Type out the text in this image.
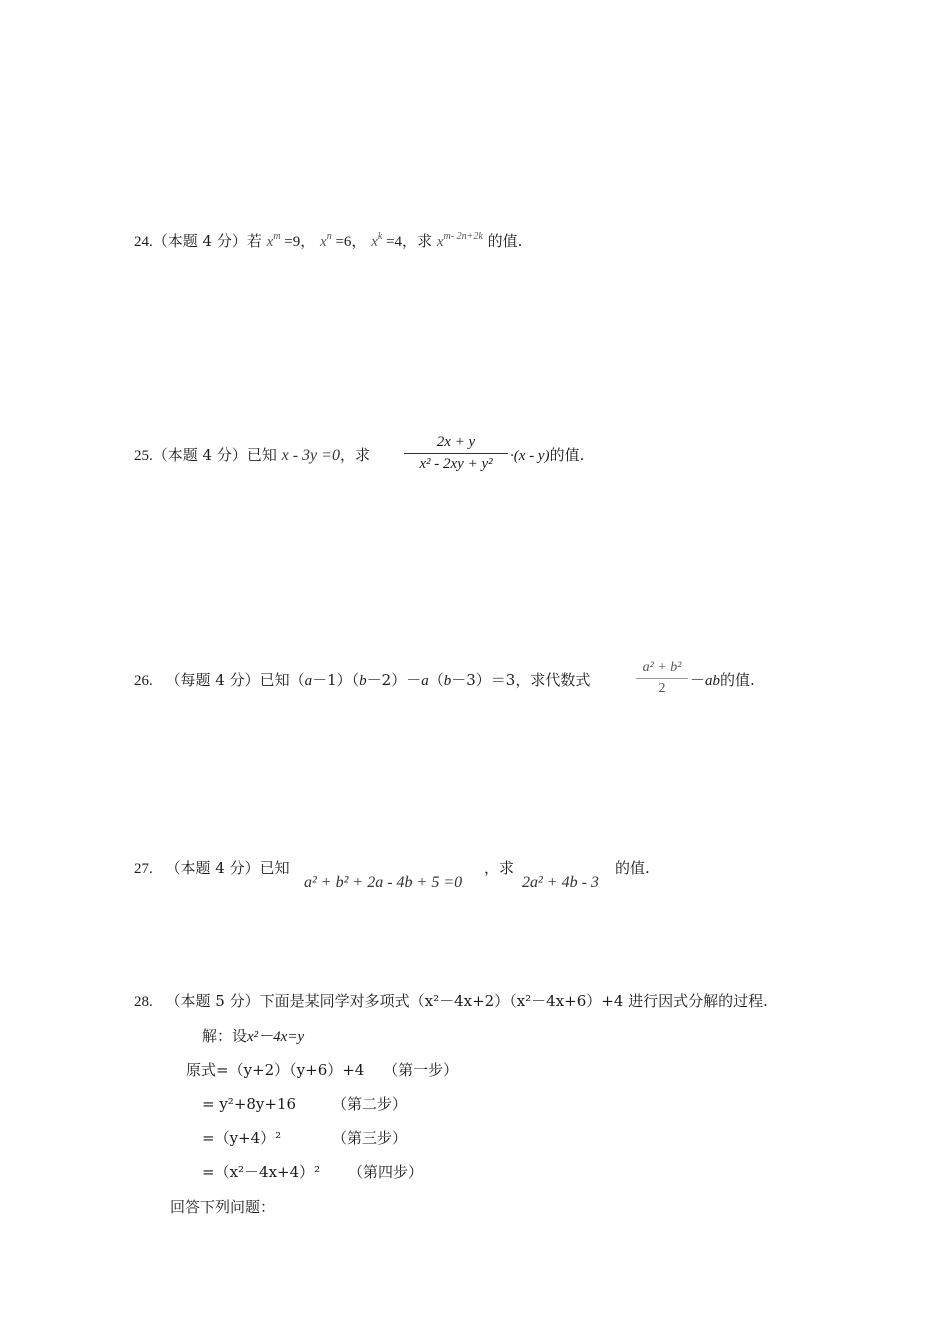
24.（本题 4 分）若 $x^m =9$， $x^n =6$， $x^k =4$，求 $x^{m- 2n+2k}$ 的值.
25.（本题 4 分）已知 x - 3y =0，求
2x + y
x² - 2xy + y²	·(x - y)的值.
26. （每题 4 分）已知（a－1）（b－2）－a（b－3）＝3，求代数式
a² + b²
2	－ab的值.
27. （本题 4 分）已知
a² + b² + 2a - 4b + 5 =0
，求
2a² + 4b - 3
的值.
28. （本题 5 分）下面是某同学对多项式（x²－4x+2）（x²－4x+6）+4 进行因式分解的过程.
解：设x²－4x=y
原式=（y+2）（y+6）+4 （第一步）
= y²+8y+16 （第二步）
=（y+4）²	（第三步）
=（x²－4x+4）² （第四步）
回答下列问题：
